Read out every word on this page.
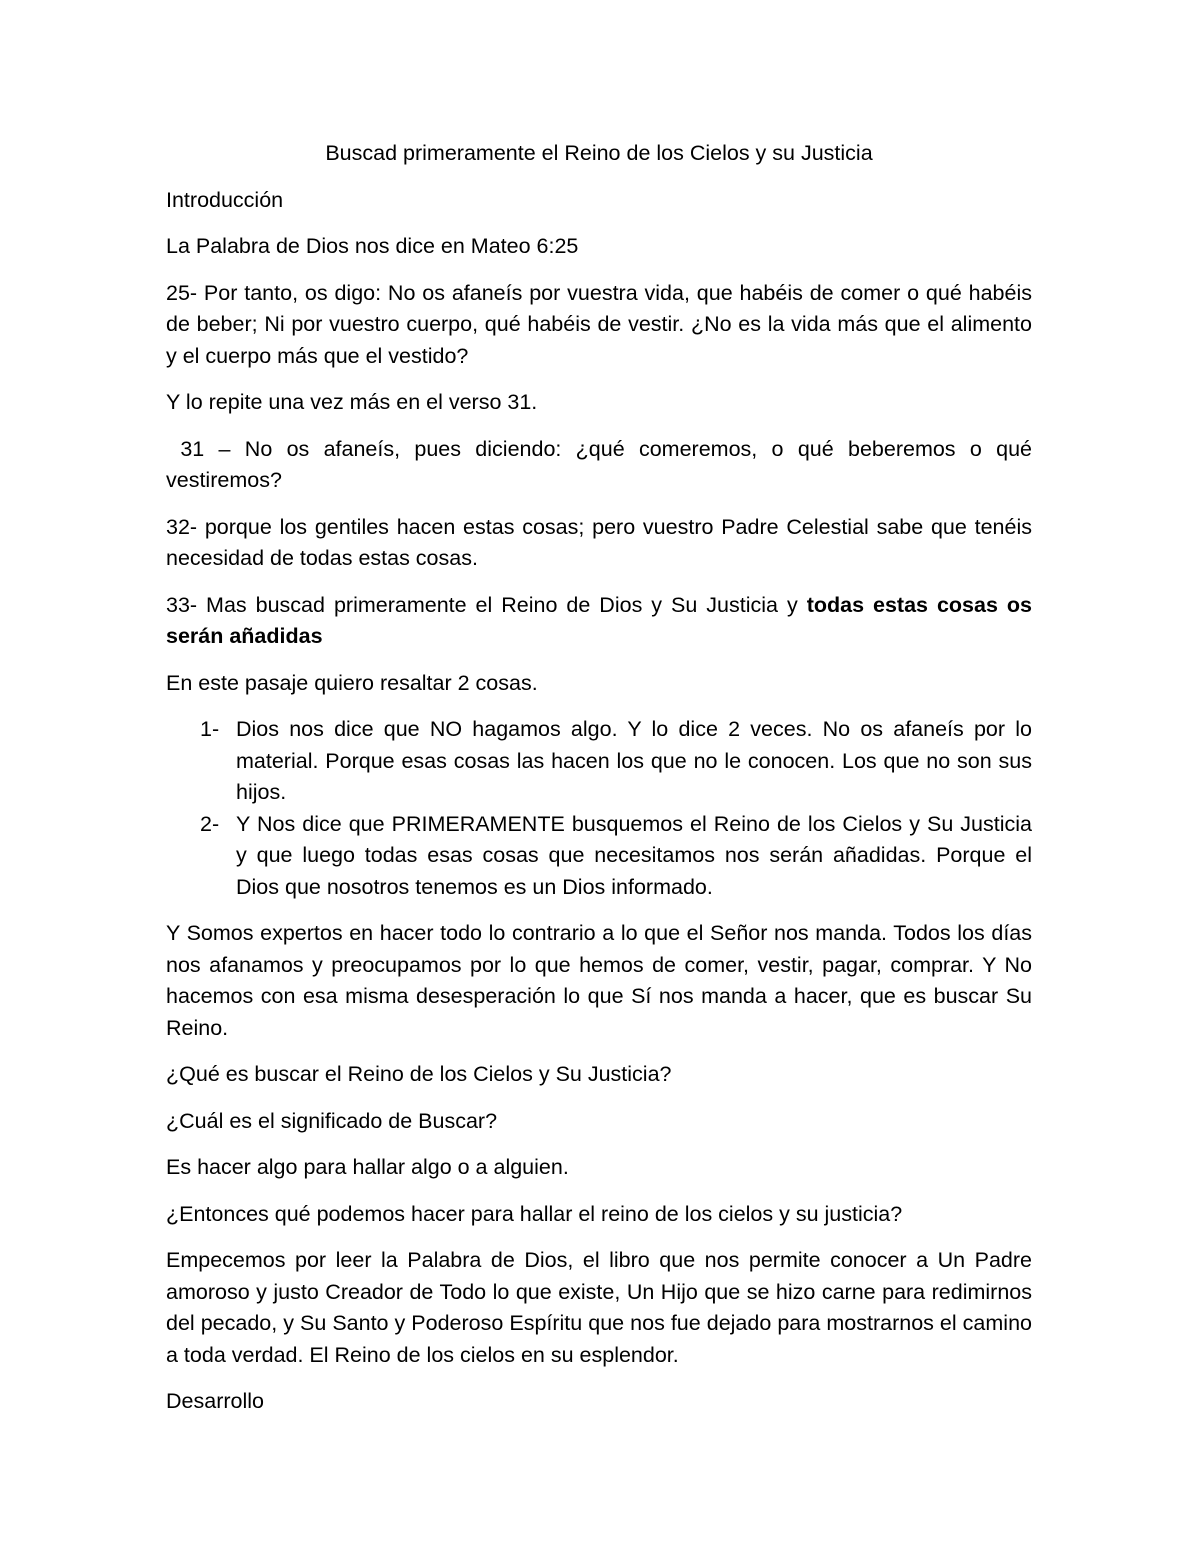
Buscad primeramente el Reino de los Cielos y su Justicia

Introducción

La Palabra de Dios nos dice en Mateo 6:25

25- Por tanto, os digo: No os afaneís por vuestra vida, que habéis de comer o qué habéis de beber; Ni por vuestro cuerpo, qué habéis de vestir. ¿No es la vida más que el alimento y el cuerpo más que el vestido?

Y lo repite una vez más en el verso 31.

31 – No os afaneís, pues diciendo: ¿qué comeremos, o qué beberemos o qué vestiremos?

32- porque los gentiles hacen estas cosas; pero vuestro Padre Celestial sabe que tenéis necesidad de todas estas cosas.

33- Mas buscad primeramente el Reino de Dios y Su Justicia y todas estas cosas os serán añadidas

En este pasaje quiero resaltar 2 cosas.

1- Dios nos dice que NO hagamos algo. Y lo dice 2 veces. No os afaneís por lo material. Porque esas cosas las hacen los que no le conocen. Los que no son sus hijos.
2- Y Nos dice que PRIMERAMENTE busquemos el Reino de los Cielos y Su Justicia y que luego todas esas cosas que necesitamos nos serán añadidas. Porque el Dios que nosotros tenemos es un Dios informado.

Y Somos expertos en hacer todo lo contrario a lo que el Señor nos manda. Todos los días nos afanamos y preocupamos por lo que hemos de comer, vestir, pagar, comprar. Y No hacemos con esa misma desesperación lo que Sí nos manda a hacer, que es buscar Su Reino.

¿Qué es buscar el Reino de los Cielos y Su Justicia?

¿Cuál es el significado de Buscar?

Es hacer algo para hallar algo o a alguien.

¿Entonces qué podemos hacer para hallar el reino de los cielos y su justicia?

Empecemos por leer la Palabra de Dios, el libro que nos permite conocer a Un Padre amoroso y justo Creador de Todo lo que existe, Un Hijo que se hizo carne para redimirnos del pecado, y Su Santo y Poderoso Espíritu que nos fue dejado para mostrarnos el camino a toda verdad. El Reino de los cielos en su esplendor.

Desarrollo
